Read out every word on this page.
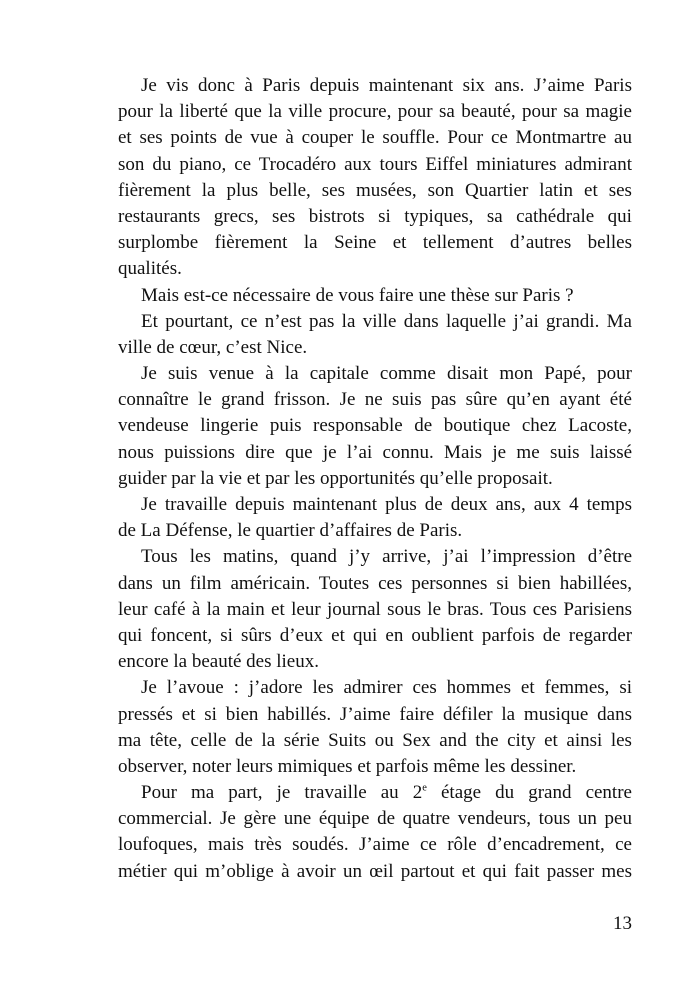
Je vis donc à Paris depuis maintenant six ans. J’aime Paris
pour la liberté que la ville procure, pour sa beauté, pour sa magie
et ses points de vue à couper le souffle. Pour ce Montmartre au
son du piano, ce Trocadéro aux tours Eiffel miniatures admirant
fièrement la plus belle, ses musées, son Quartier latin et ses
restaurants grecs, ses bistrots si typiques, sa cathédrale qui
surplombe fièrement la Seine et tellement d’autres belles
qualités.
Mais est-ce nécessaire de vous faire une thèse sur Paris ?
Et pourtant, ce n’est pas la ville dans laquelle j’ai grandi. Ma
ville de cœur, c’est Nice.
Je suis venue à la capitale comme disait mon Papé, pour
connaître le grand frisson. Je ne suis pas sûre qu’en ayant été
vendeuse lingerie puis responsable de boutique chez Lacoste,
nous puissions dire que je l’ai connu. Mais je me suis laissé
guider par la vie et par les opportunités qu’elle proposait.
Je travaille depuis maintenant plus de deux ans, aux 4 temps
de La Défense, le quartier d’affaires de Paris.
Tous les matins, quand j’y arrive, j’ai l’impression d’être
dans un film américain. Toutes ces personnes si bien habillées,
leur café à la main et leur journal sous le bras. Tous ces Parisiens
qui foncent, si sûrs d’eux et qui en oublient parfois de regarder
encore la beauté des lieux.
Je l’avoue : j’adore les admirer ces hommes et femmes, si
pressés et si bien habillés. J’aime faire défiler la musique dans
ma tête, celle de la série Suits ou Sex and the city et ainsi les
observer, noter leurs mimiques et parfois même les dessiner.
Pour ma part, je travaille au 2e étage du grand centre
commercial. Je gère une équipe de quatre vendeurs, tous un peu
loufoques, mais très soudés. J’aime ce rôle d’encadrement, ce
métier qui m’oblige à avoir un œil partout et qui fait passer mes
13
